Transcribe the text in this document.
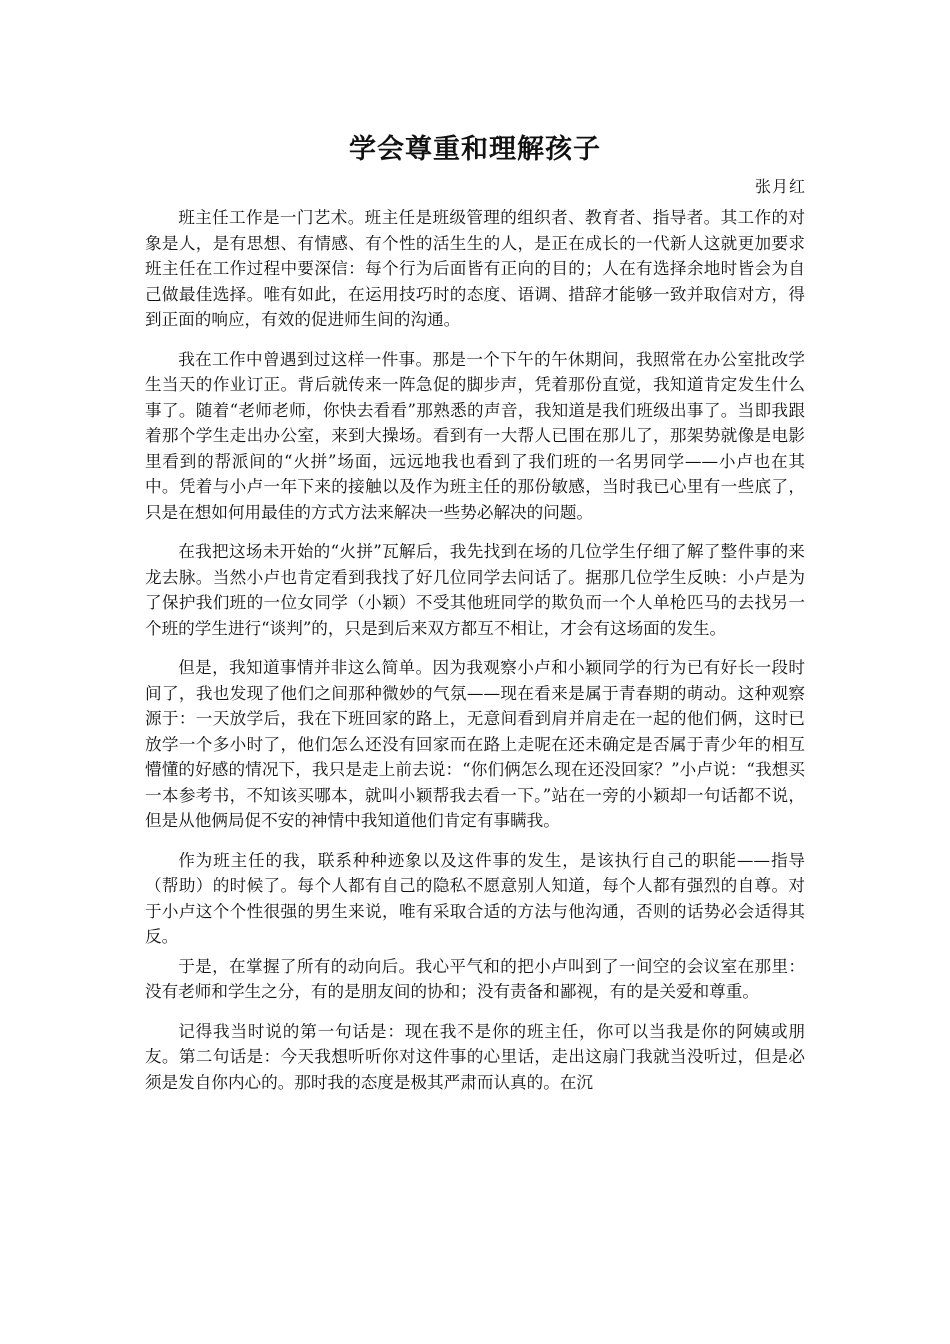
学会尊重和理解孩子
张月红

班主任工作是一门艺术。班主任是班级管理的组织者、教育者、指导者。其工作的对象是人，是有思想、有情感、有个性的活生生的人，是正在成长的一代新人这就更加要求班主任在工作过程中要深信：每个行为后面皆有正向的目的；人在有选择余地时皆会为自己做最佳选择。唯有如此，在运用技巧时的态度、语调、措辞才能够一致并取信对方，得到正面的响应，有效的促进师生间的沟通。

我在工作中曾遇到过这样一件事。那是一个下午的午休期间，我照常在办公室批改学生当天的作业订正。背后就传来一阵急促的脚步声，凭着那份直觉，我知道肯定发生什么事了。随着“老师老师，你快去看看”那熟悉的声音，我知道是我们班级出事了。当即我跟着那个学生走出办公室，来到大操场。看到有一大帮人已围在那儿了，那架势就像是电影里看到的帮派间的“火拼”场面，远远地我也看到了我们班的一名男同学——小卢也在其中。凭着与小卢一年下来的接触以及作为班主任的那份敏感，当时我已心里有一些底了，只是在想如何用最佳的方式方法来解决一些势必解决的问题。

在我把这场未开始的“火拼”瓦解后，我先找到在场的几位学生仔细了解了整件事的来龙去脉。当然小卢也肯定看到我找了好几位同学去问话了。据那几位学生反映：小卢是为了保护我们班的一位女同学（小颖）不受其他班同学的欺负而一个人单枪匹马的去找另一个班的学生进行“谈判”的，只是到后来双方都互不相让，才会有这场面的发生。

但是，我知道事情并非这么简单。因为我观察小卢和小颖同学的行为已有好长一段时间了，我也发现了他们之间那种微妙的气氛——现在看来是属于青春期的萌动。这种观察源于：一天放学后，我在下班回家的路上，无意间看到肩并肩走在一起的他们俩，这时已放学一个多小时了，他们怎么还没有回家而在路上走呢在还未确定是否属于青少年的相互懵懂的好感的情况下，我只是走上前去说：“你们俩怎么现在还没回家？”小卢说：“我想买一本参考书，不知该买哪本，就叫小颖帮我去看一下。”站在一旁的小颖却一句话都不说，但是从他俩局促不安的神情中我知道他们肯定有事瞒我。

作为班主任的我，联系种种迹象以及这件事的发生，是该执行自己的职能——指导（帮助）的时候了。每个人都有自己的隐私不愿意别人知道，每个人都有强烈的自尊。对于小卢这个个性很强的男生来说，唯有采取合适的方法与他沟通，否则的话势必会适得其反。

于是，在掌握了所有的动向后。我心平气和的把小卢叫到了一间空的会议室在那里：没有老师和学生之分，有的是朋友间的协和；没有责备和鄙视，有的是关爱和尊重。

记得我当时说的第一句话是：现在我不是你的班主任，你可以当我是你的阿姨或朋友。第二句话是：今天我想听听你对这件事的心里话，走出这扇门我就当没听过，但是必须是发自你内心的。那时我的态度是极其严肃而认真的。在沉
